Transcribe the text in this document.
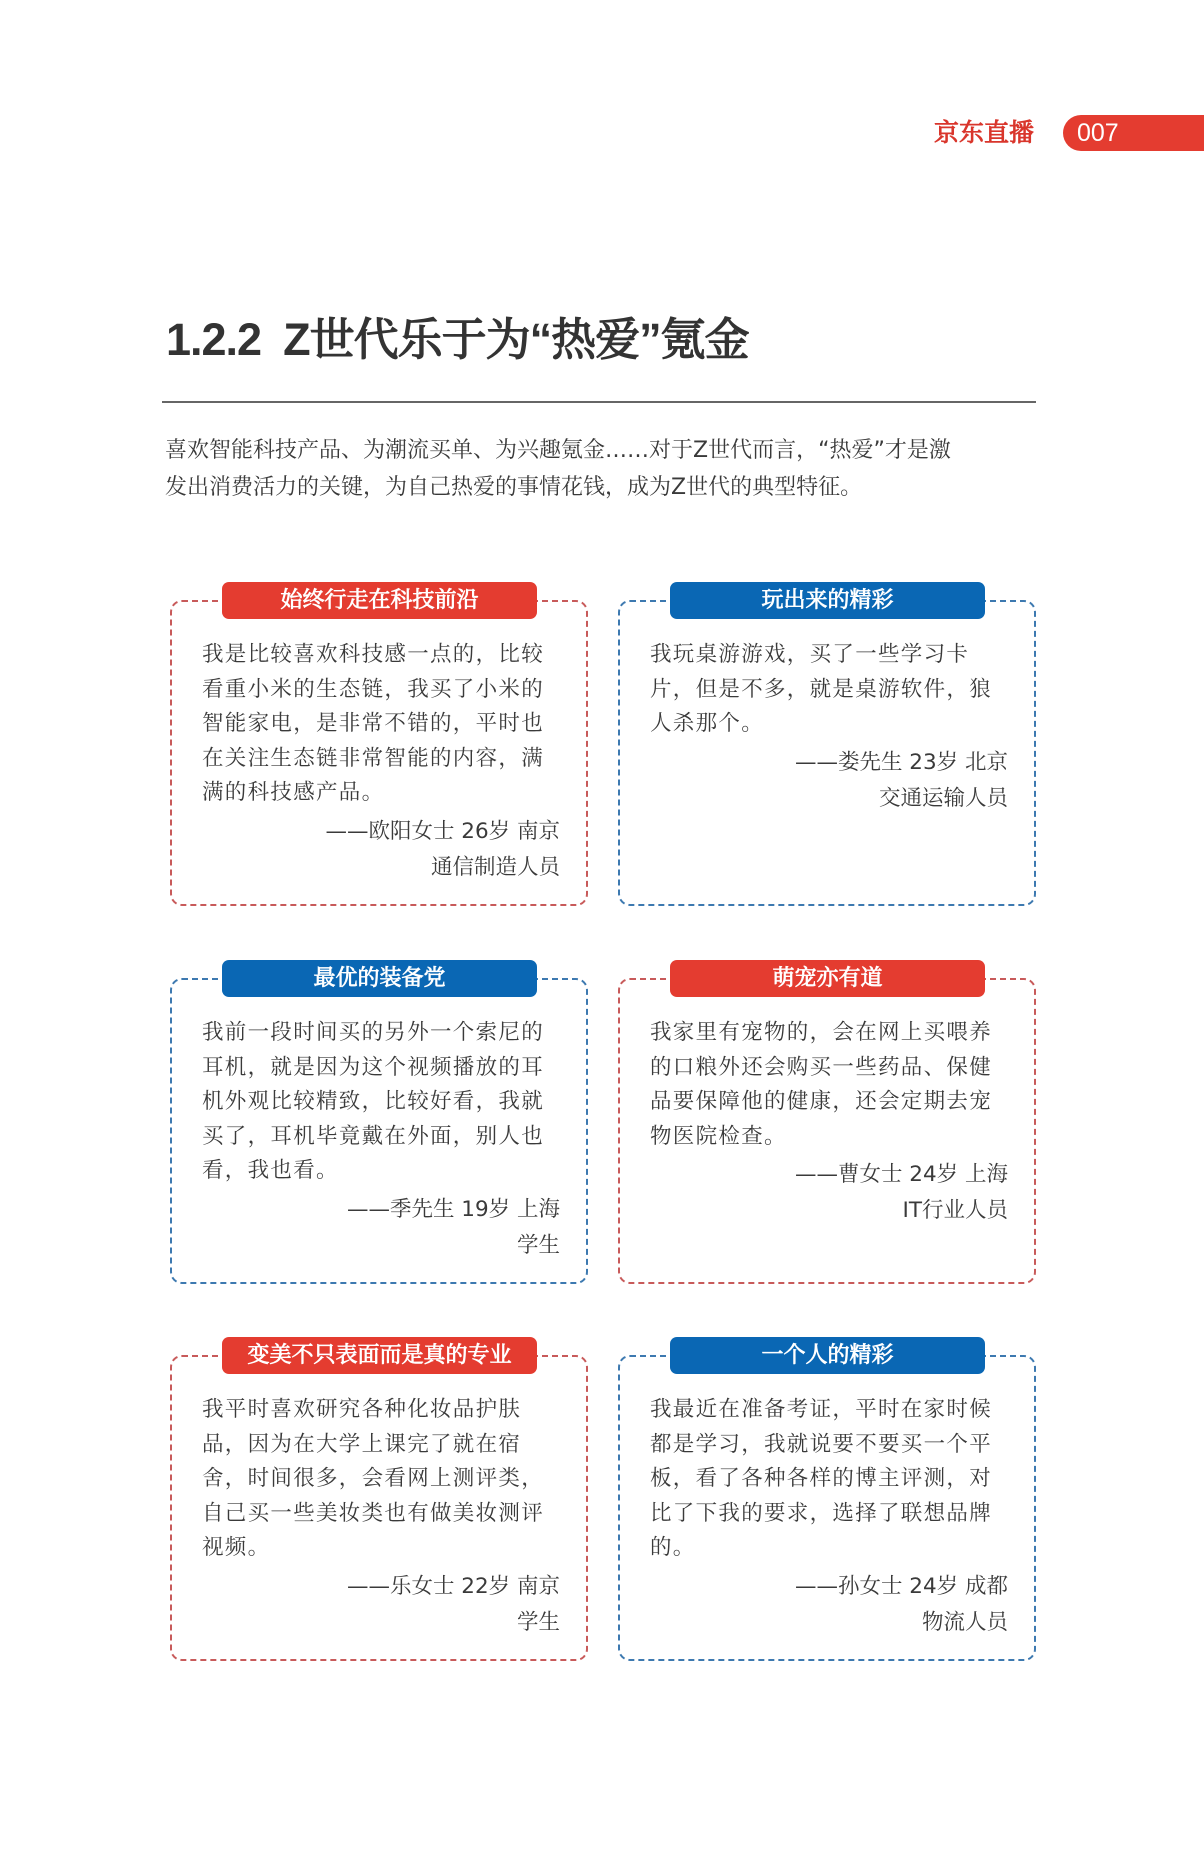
京东直播 007
1.2.2 Z世代乐于为“热爱”氪金

喜欢智能科技产品、为潮流买单、为兴趣氪金……对于Z世代而言，“热爱”才是激

发出消费活力的关键，为自己热爱的事情花钱，成为Z世代的典型特征。

始终行走在科技前沿
我是比较喜欢科技感一点的，比较
看重小米的生态链，我买了小米的
智能家电，是非常不错的，平时也
在关注生态链非常智能的内容，满
满的科技感产品。
——欧阳女士 26岁 南京
通信制造人员
玩出来的精彩
我玩桌游游戏，买了一些学习卡
片，但是不多，就是桌游软件，狼
人杀那个。
——娄先生 23岁 北京
交通运输人员
最优的装备党
我前一段时间买的另外一个索尼的
耳机，就是因为这个视频播放的耳
机外观比较精致，比较好看，我就
买了，耳机毕竟戴在外面，别人也
看，我也看。
——季先生 19岁 上海
学生
萌宠亦有道
我家里有宠物的，会在网上买喂养
的口粮外还会购买一些药品、保健
品要保障他的健康，还会定期去宠
物医院检查。
——曹女士 24岁 上海
IT行业人员
变美不只表面而是真的专业
我平时喜欢研究各种化妆品护肤
品，因为在大学上课完了就在宿
舍，时间很多，会看网上测评类，
自己买一些美妆类也有做美妆测评
视频。
——乐女士 22岁 南京
学生
一个人的精彩
我最近在准备考证，平时在家时候
都是学习，我就说要不要买一个平
板，看了各种各样的博主评测，对
比了下我的要求，选择了联想品牌
的。
——孙女士 24岁 成都
物流人员
